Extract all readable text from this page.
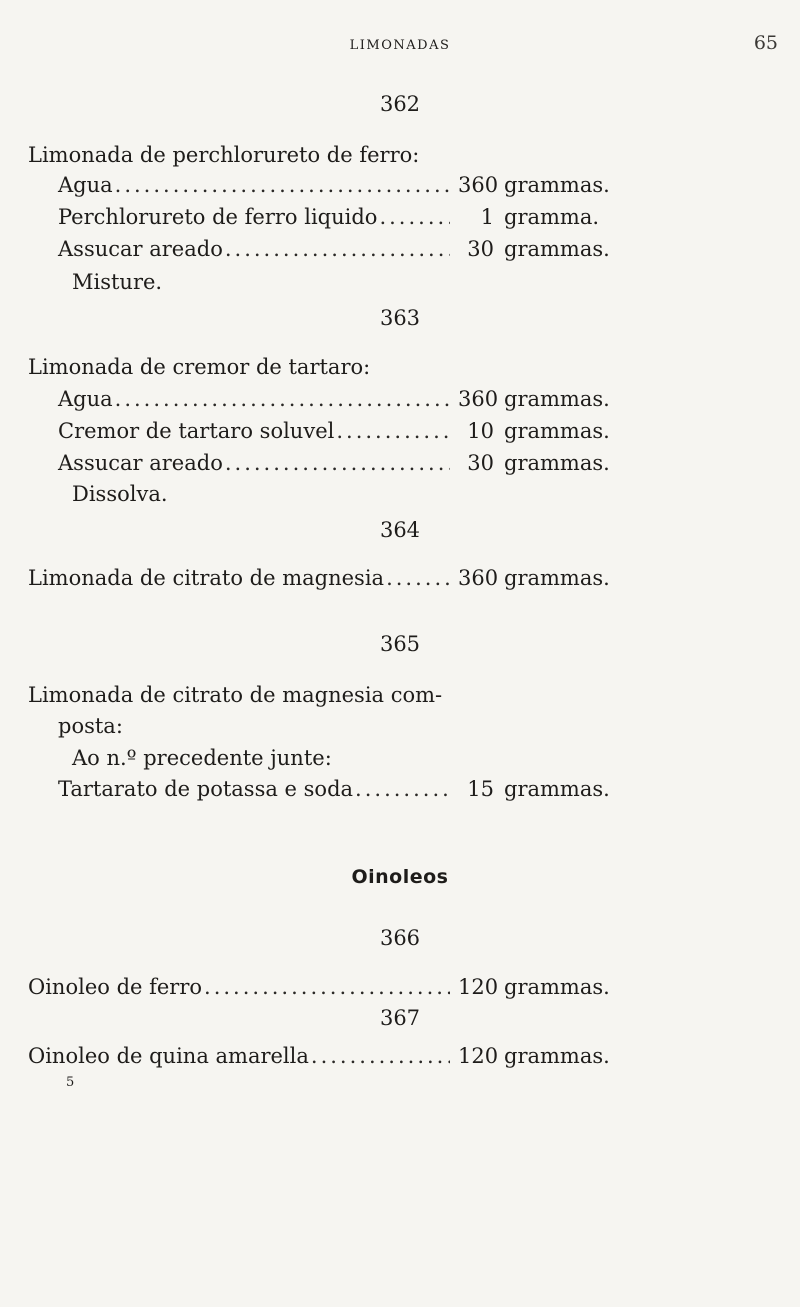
LIMONADAS	65
362
Limonada de perchlorureto de ferro:
Agua .....	360 grammas.
Perchlorureto de ferro liquido .....	1 gramma.
Assucar areado .....	30 grammas.
Misture.
363
Limonada de cremor de tartaro:
Agua .....	360 grammas.
Cremor de tartaro soluvel .....	10 grammas.
Assucar areado .....	30 grammas.
Dissolva.
364
Limonada de citrato de magnesia .....	360 grammas.
365
Limonada de citrato de magnesia com-
posta:
Ao n.º precedente junte:
Tartarato de potassa e soda .....	15 grammas.
Oinoleos
366
Oinoleo de ferro .....	120 grammas.
367
Oinoleo de quina amarella .....	120 grammas.
5
